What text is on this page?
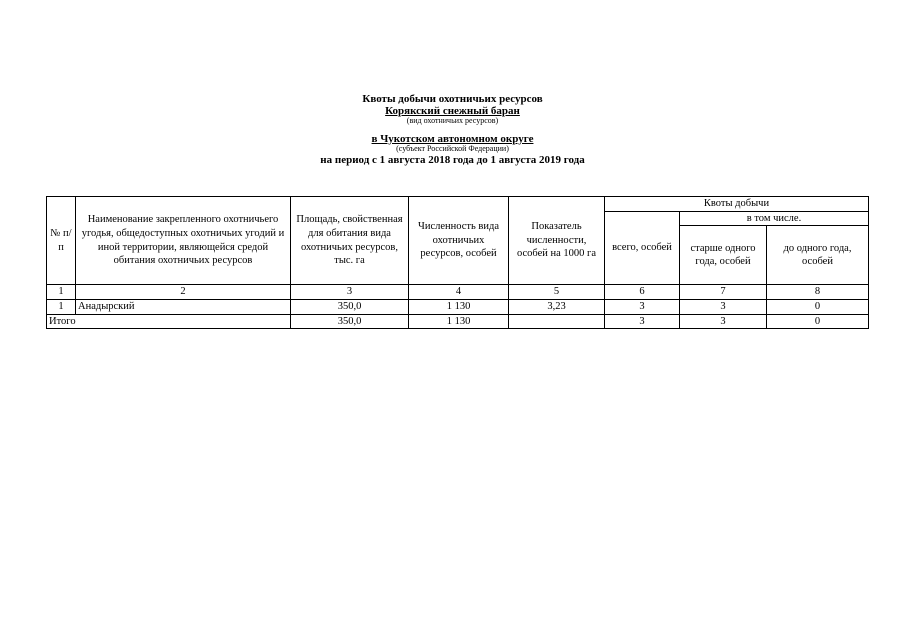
Квоты добычи охотничьих ресурсов
Корякский снежный баран
(вид охотничьих ресурсов)
в Чукотском автономном округе
(субъект Российской Федерации)
на период с 1 августа 2018 года до 1 августа 2019 года
№ п/п	Наименование закрепленного охотничьего угодья, общедоступных охотничьих угодий и иной территории, являющейся средой обитания охотничьих ресурсов	Площадь, свойственная для обитания вида охотничьих ресурсов, тыс. га	Численность вида охотничьих ресурсов, особей	Показатель численности, особей на 1000 га	Квоты добычи		
					всего, особей	в том числе.	
						старше одного года, особей	до одного года, особей
1	2	3	4	5	6	7	8
1	Анадырский	350,0	1 130	3,23	3	3	0
Итого		350,0	1 130		3	3	0
